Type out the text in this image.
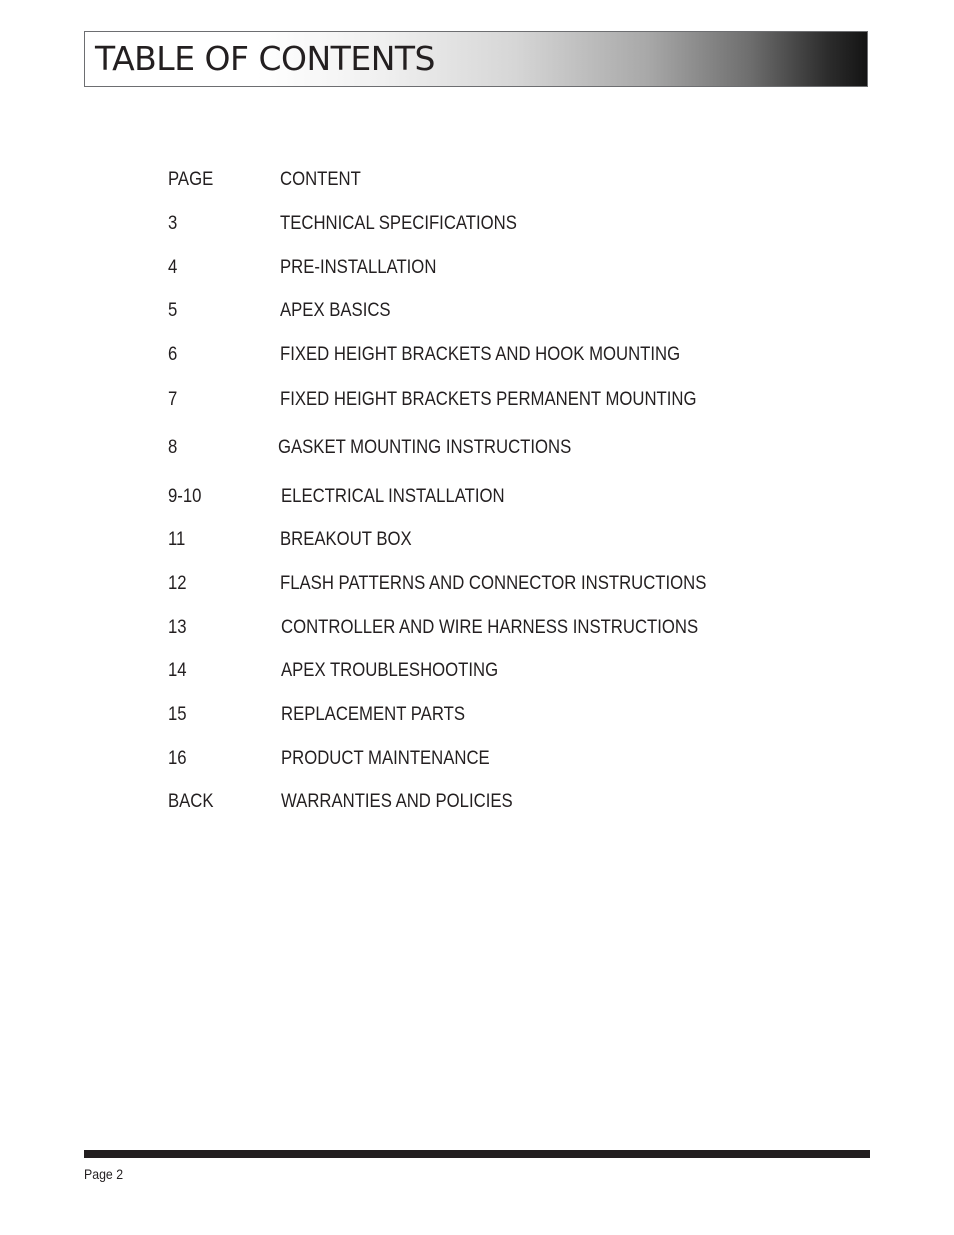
TABLE OF CONTENTS
PAGE	CONTENT
3	TECHNICAL SPECIFICATIONS
4	PRE-INSTALLATION
5	APEX BASICS
6	FIXED HEIGHT BRACKETS AND HOOK MOUNTING
7	FIXED HEIGHT BRACKETS PERMANENT MOUNTING
8	GASKET MOUNTING INSTRUCTIONS
9-10	ELECTRICAL INSTALLATION
11	BREAKOUT BOX
12	FLASH PATTERNS AND CONNECTOR INSTRUCTIONS
13	CONTROLLER AND WIRE HARNESS INSTRUCTIONS
14	APEX TROUBLESHOOTING
15	REPLACEMENT PARTS
16	PRODUCT MAINTENANCE
BACK	WARRANTIES AND POLICIES
Page 2
